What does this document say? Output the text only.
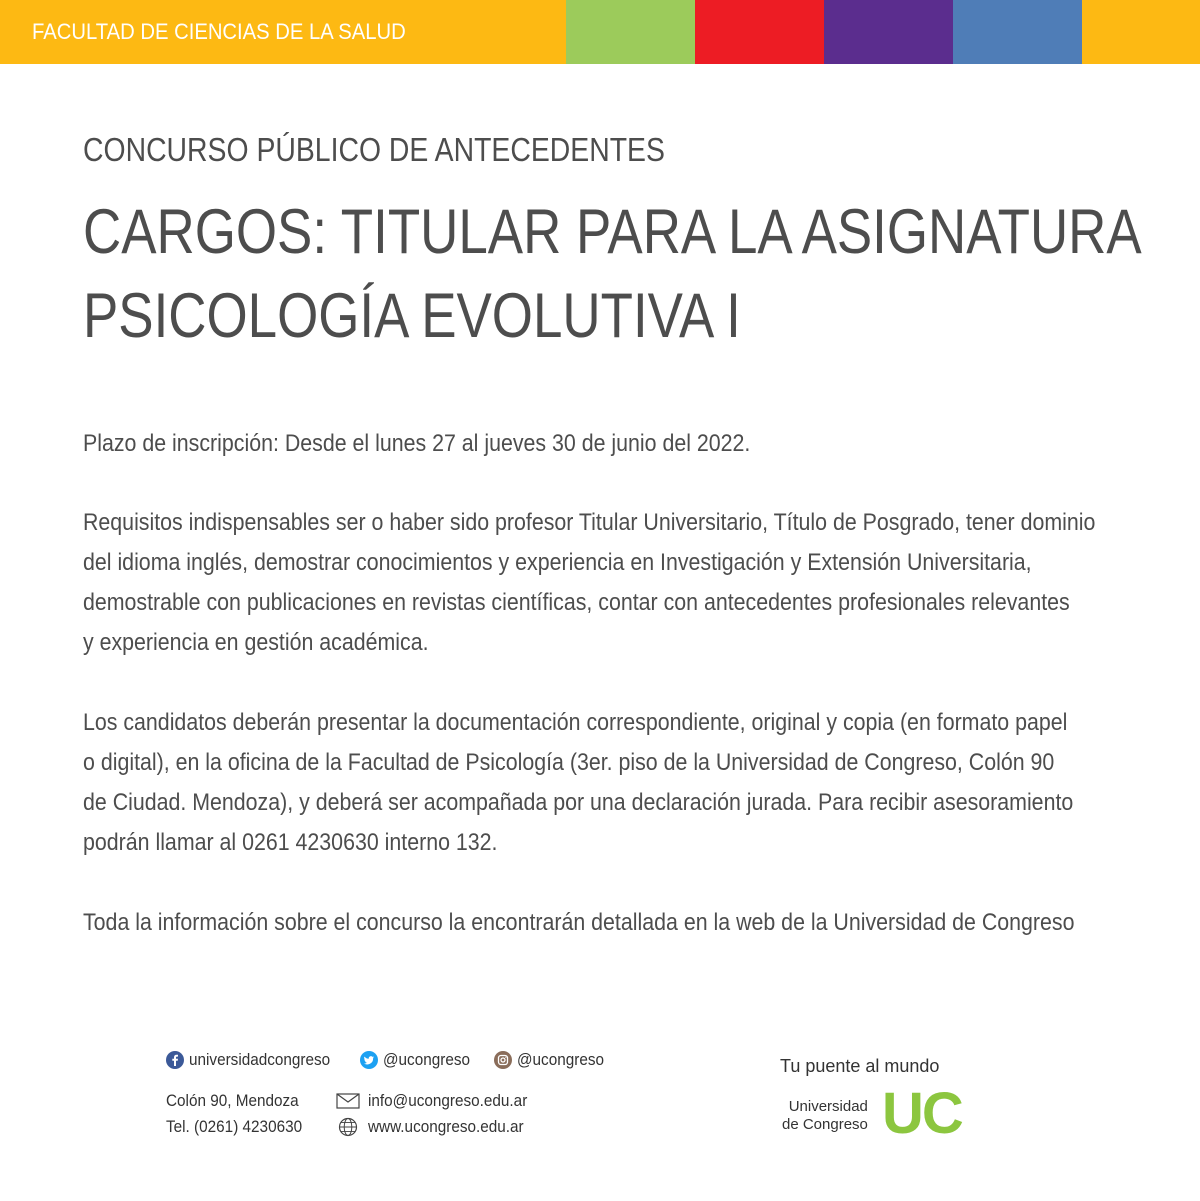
FACULTAD DE CIENCIAS DE LA SALUD
CONCURSO PÚBLICO DE ANTECEDENTES
CARGOS: TITULAR PARA LA ASIGNATURA
PSICOLOGÍA EVOLUTIVA I
Plazo de inscripción: Desde el lunes 27 al jueves 30 de junio del 2022.
Requisitos indispensables ser o haber sido profesor Titular Universitario, Título de Posgrado, tener dominio
del idioma inglés, demostrar conocimientos y experiencia en Investigación y Extensión Universitaria,
demostrable con publicaciones en revistas científicas, contar con antecedentes profesionales relevantes
y experiencia en gestión académica.
Los candidatos deberán presentar la documentación correspondiente, original y copia (en formato papel
o digital), en la oficina de la Facultad de Psicología (3er. piso de la Universidad de Congreso, Colón 90
de Ciudad. Mendoza), y deberá ser acompañada por una declaración jurada. Para recibir asesoramiento
podrán llamar al 0261 4230630 interno 132.
Toda la información sobre el concurso la encontrarán detallada en la web de la Universidad de Congreso
universidadcongreso	@ucongreso	@ucongreso
Colón 90, Mendoza
Tel. (0261) 4230630
info@ucongreso.edu.ar
www.ucongreso.edu.ar
Tu puente al mundo
Universidad
de Congreso UC
